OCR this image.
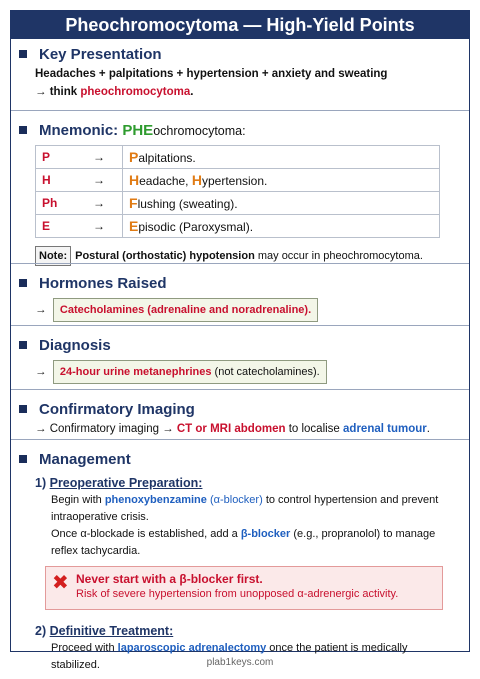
Pheochromocytoma — High-Yield Points
Key Presentation
Headaches + palpitations + hypertension + anxiety and sweating
→ think pheochromocytoma.
Mnemonic: PHEochromocytoma:
P	→	Palpitations.
H	→	Headache, Hypertension.
Ph	→	Flushing (sweating).
E	→	Episodic (Paroxysmal).
Note: Postural (orthostatic) hypotension may occur in pheochromocytoma.
Hormones Raised
→ Catecholamines (adrenaline and noradrenaline).
Diagnosis
→ 24-hour urine metanephrines (not catecholamines).
Confirmatory Imaging
→ Confirmatory imaging → CT or MRI abdomen to localise adrenal tumour.
Management
1) Preoperative Preparation:
Begin with phenoxybenzamine (α-blocker) to control hypertension and prevent
intraoperative crisis.
Once α-blockade is established, add a β-blocker (e.g., propranolol) to manage
reflex tachycardia.
✖ Never start with a β-blocker first.
Risk of severe hypertension from unopposed α-adrenergic activity.
2) Definitive Treatment:
Proceed with laparoscopic adrenalectomy once the patient is medically stabilized.	plab1keys.com
